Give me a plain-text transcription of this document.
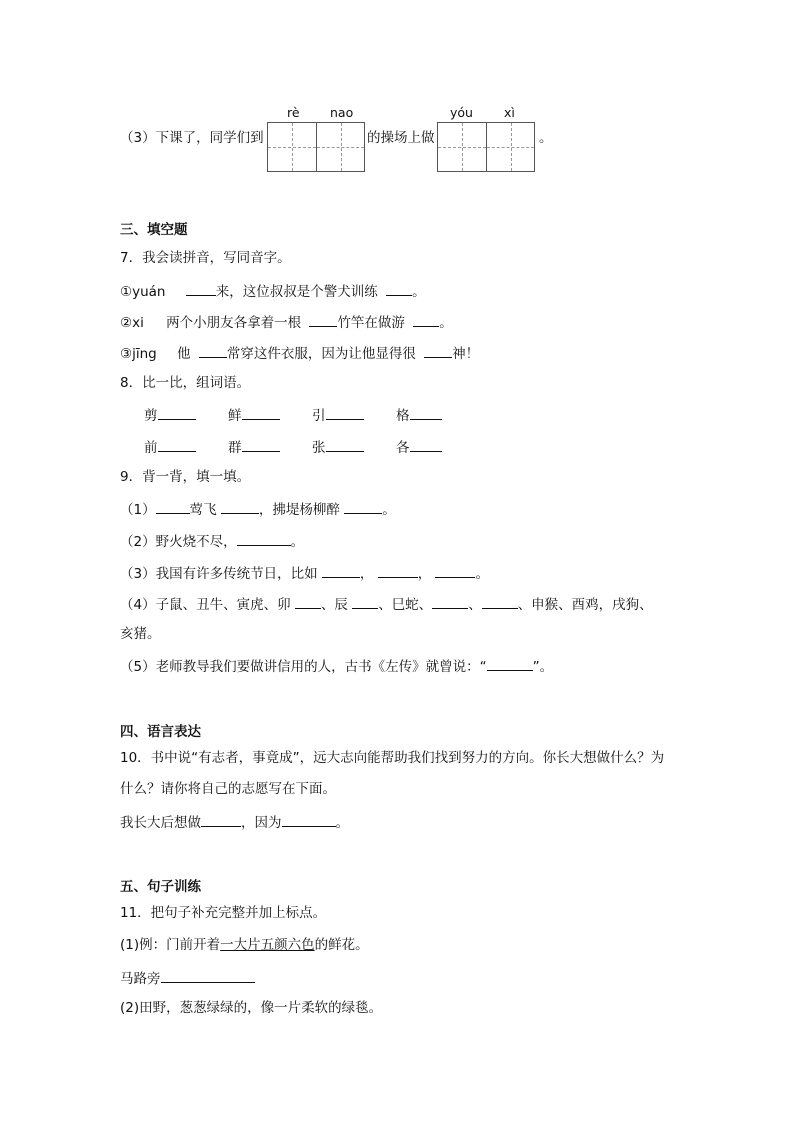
（3）下课了，同学们到
rè nao
的操场上做
yóu xì
。
三、填空题
7．我会读拼音，写同音字。
①yuán	来，这位叔叔是个警犬训练	。
②xi 两个小朋友各拿着一根	竹竿在做游	。
③jīng 他	常穿这件衣服，因为让他显得很	神！
8．比一比，组词语。
剪	鲜	引	格
前	群	张	各
9．背一背，填一填。
（1）	莺飞	，拂堤杨柳醉	。
（2）野火烧不尽，	。
（3）我国有许多传统节日，比如	，	，	。
（4）子鼠、丑牛、寅虎、卯 、辰 、巳蛇、	、	、申猴、酉鸡，戌狗、
亥猪。
（5）老师教导我们要做讲信用的人，古书《左传》就曾说：“	”。
四、语言表达
10．书中说“有志者，事竟成”，远大志向能帮助我们找到努力的方向。你长大想做什么？为
什么？请你将自己的志愿写在下面。
我长大后想做	，因为	。
五、句子训练
11．把句子补充完整并加上标点。
(1)例：门前开着一大片五颜六色的鲜花。
马路旁
(2)田野，葱葱绿绿的，像一片柔软的绿毯。
